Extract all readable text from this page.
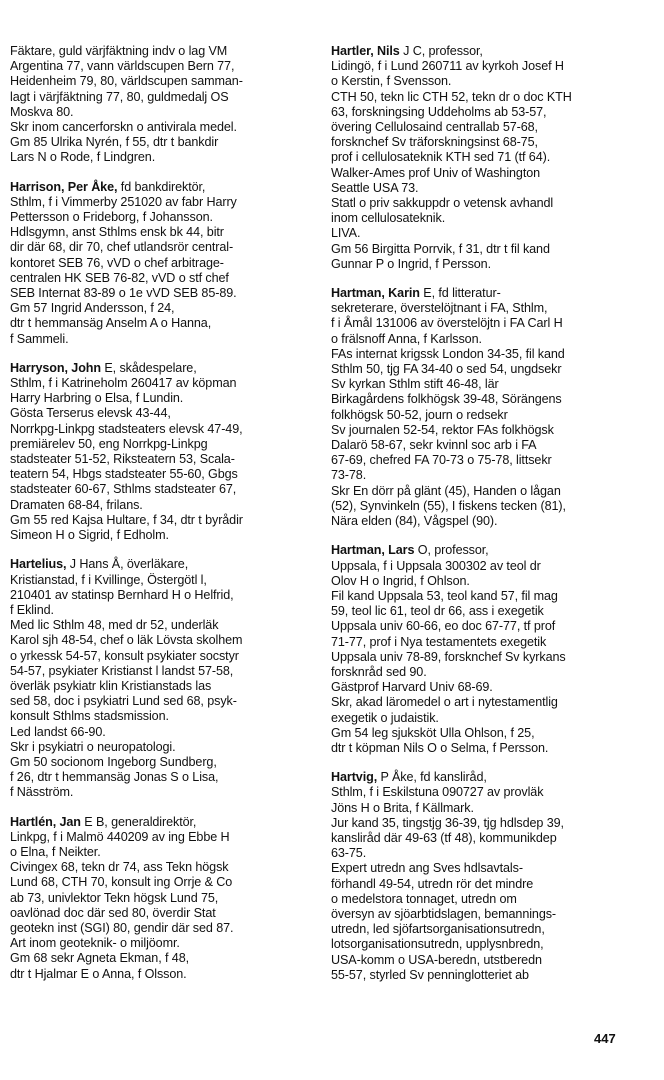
Fäktare, guld värjfäktning indv o lag VM
Argentina 77, vann världscupen Bern 77,
Heidenheim 79, 80, världscupen samman-
lagt i värjfäktning 77, 80, guldmedalj OS
Moskva 80.
Skr inom cancerforskn o antivirala medel.
Gm 85 Ulrika Nyrén, f 55, dtr t bankdir
Lars N o Rode, f Lindgren.
Harrison, Per Åke, fd bankdirektör,
Sthlm, f i Vimmerby 251020 av fabr Harry
Pettersson o Frideborg, f Johansson.
Hdlsgymn, anst Sthlms ensk bk 44, bitr
dir där 68, dir 70, chef utlandsrör central-
kontoret SEB 76, vVD o chef arbitrage-
centralen HK SEB 76-82, vVD o stf chef
SEB Internat 83-89 o 1e vVD SEB 85-89.
Gm 57 Ingrid Andersson, f 24,
dtr t hemmansäg Anselm A o Hanna,
f Sammeli.
Harryson, John E, skådespelare,
Sthlm, f i Katrineholm 260417 av köpman
Harry Harbring o Elsa, f Lundin.
Gösta Terserus elevsk 43-44,
Norrkpg-Linkpg stadsteaters elevsk 47-49,
premiärelev 50, eng Norrkpg-Linkpg
stadsteater 51-52, Riksteatern 53, Scala-
teatern 54, Hbgs stadsteater 55-60, Gbgs
stadsteater 60-67, Sthlms stadsteater 67,
Dramaten 68-84, frilans.
Gm 55 red Kajsa Hultare, f 34, dtr t byrådir
Simeon H o Sigrid, f Edholm.
Hartelius, J Hans Å, överläkare,
Kristianstad, f i Kvillinge, Östergötl l,
210401 av statinsp Bernhard H o Helfrid,
f Eklind.
Med lic Sthlm 48, med dr 52, underläk
Karol sjh 48-54, chef o läk Lövsta skolhem
o yrkessk 54-57, konsult psykiater socstyr
54-57, psykiater Kristianst l landst 57-58,
överläk psykiatr klin Kristianstads las
sed 58, doc i psykiatri Lund sed 68, psyk-
konsult Sthlms stadsmission.
Led landst 66-90.
Skr i psykiatri o neuropatologi.
Gm 50 socionom Ingeborg Sundberg,
f 26, dtr t hemmansäg Jonas S o Lisa,
f Näsström.
Hartlén, Jan E B, generaldirektör,
Linkpg, f i Malmö 440209 av ing Ebbe H
o Elna, f Neikter.
Civingex 68, tekn dr 74, ass Tekn högsk
Lund 68, CTH 70, konsult ing Orrje & Co
ab 73, univlektor Tekn högsk Lund 75,
oavlönad doc där sed 80, överdir Stat
geotekn inst (SGI) 80, gendir där sed 87.
Art inom geoteknik- o miljöomr.
Gm 68 sekr Agneta Ekman, f 48,
dtr t Hjalmar E o Anna, f Olsson.
Hartler, Nils J C, professor,
Lidingö, f i Lund 260711 av kyrkoh Josef H
o Kerstin, f Svensson.
CTH 50, tekn lic CTH 52, tekn dr o doc KTH
63, forskningsing Uddeholms ab 53-57,
övering Cellulosaind centrallab 57-68,
forsknchef Sv träforskningsinst 68-75,
prof i cellulosateknik KTH sed 71 (tf 64).
Walker-Ames prof Univ of Washington
Seattle USA 73.
Statl o priv sakkuppdr o vetensk avhandl
inom cellulosateknik.
LIVA.
Gm 56 Birgitta Porrvik, f 31, dtr t fil kand
Gunnar P o Ingrid, f Persson.
Hartman, Karin E, fd litteratur-
sekreterare, överstelöjtnant i FA, Sthlm,
f i Åmål 131006 av överstelöjtn i FA Carl H
o frälsnoff Anna, f Karlsson.
FAs internat krigssk London 34-35, fil kand
Sthlm 50, tjg FA 34-40 o sed 54, ungdsekr
Sv kyrkan Sthlm stift 46-48, lär
Birkagårdens folkhögsk 39-48, Sörängens
folkhögsk 50-52, journ o redsekr
Sv journalen 52-54, rektor FAs folkhögsk
Dalarö 58-67, sekr kvinnl soc arb i FA
67-69, chefred FA 70-73 o 75-78, littsekr
73-78.
Skr En dörr på glänt (45), Handen o lågan
(52), Synvinkeln (55), I fiskens tecken (81),
Nära elden (84), Vågspel (90).
Hartman, Lars O, professor,
Uppsala, f i Uppsala 300302 av teol dr
Olov H o Ingrid, f Ohlson.
Fil kand Uppsala 53, teol kand 57, fil mag
59, teol lic 61, teol dr 66, ass i exegetik
Uppsala univ 60-66, eo doc 67-77, tf prof
71-77, prof i Nya testamentets exegetik
Uppsala univ 78-89, forsknchef Sv kyrkans
forsknråd sed 90.
Gästprof Harvard Univ 68-69.
Skr, akad läromedel o art i nytestamentlig
exegetik o judaistik.
Gm 54 leg sjuksköt Ulla Ohlson, f 25,
dtr t köpman Nils O o Selma, f Persson.
Hartvig, P Åke, fd kansliråd,
Sthlm, f i Eskilstuna 090727 av provläk
Jöns H o Brita, f Källmark.
Jur kand 35, tingstjg 36-39, tjg hdlsdep 39,
kansliråd där 49-63 (tf 48), kommunikdep
63-75.
Expert utredn ang Sves hdlsavtals-
förhandl 49-54, utredn rör det mindre
o medelstora tonnaget, utredn om
översyn av sjöarbtidslagen, bemannings-
utredn, led sjöfartsorganisationsutredn,
lotsorganisationsutredn, upplysnbredn,
USA-komm o USA-beredn, utstberedn
55-57, styrled Sv penninglotteriet ab
447
